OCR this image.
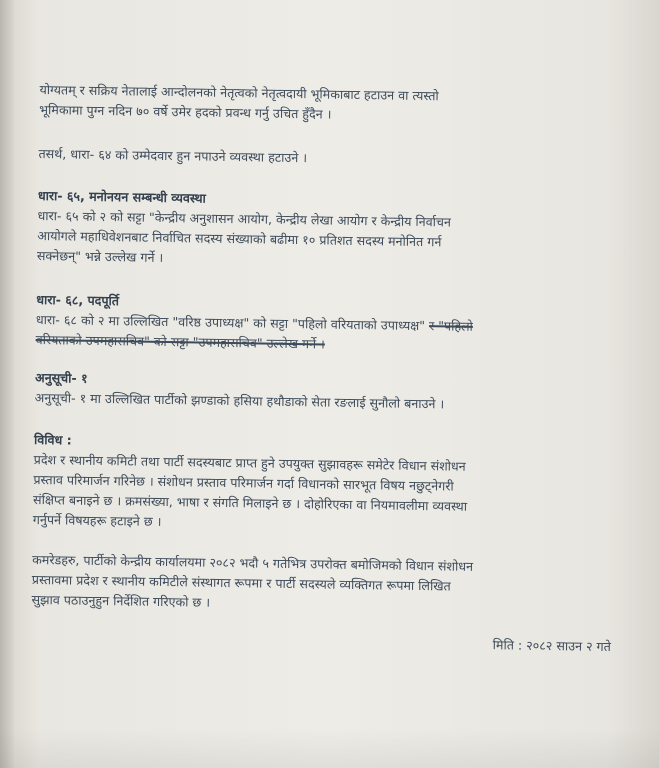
योग्यतम् र सक्रिय नेतालाई आन्दोलनको नेतृत्वको नेतृत्वदायी भूमिकाबाट हटाउन वा त्यस्तो

भूमिकामा पुग्न नदिन ७० वर्षे उमेर हदको प्रवन्ध गर्नु उचित हुँदैन ।

तसर्थ, धारा- ६४ को उम्मेदवार हुन नपाउने व्यवस्था हटाउने ।

धारा- ६५, मनोनयन सम्बन्धी व्यवस्था

धारा- ६५ को २ को सट्टा "केन्द्रीय अनुशासन आयोग, केन्द्रीय लेखा आयोग र केन्द्रीय निर्वाचन

आयोगले महाधिवेशनबाट निर्वाचित सदस्य संख्याको बढीमा १० प्रतिशत सदस्य मनोनित गर्न

सक्नेछन्" भन्ने उल्लेख गर्ने ।

धारा- ६८, पदपूर्ति

धारा- ६८ को २ मा उल्लिखित "वरिष्ठ उपाध्यक्ष" को सट्टा "पहिलो वरियताको उपाध्यक्ष" र "पहिलो

वरियताको उपमहासचिव" को सट्टा "उपमहासचिव" उल्लेख गर्ने ।

अनुसूची- १

अनुसूची- १ मा उल्लिखित पार्टीको झण्डाको हसिया हथौडाको सेता रङलाई सुनौलो बनाउने ।

विविध :

प्रदेश र स्थानीय कमिटी तथा पार्टी सदस्यबाट प्राप्त हुने उपयुक्त सुझावहरू समेटेर विधान संशोधन

प्रस्ताव परिमार्जन गरिनेछ । संशोधन प्रस्ताव परिमार्जन गर्दा विधानको सारभूत विषय नछुट्नेगरी

संक्षिप्त बनाइने छ । क्रमसंख्या, भाषा र संगति मिलाइने छ । दोहोरिएका वा नियमावलीमा व्यवस्था

गर्नुपर्ने विषयहरू हटाइने छ ।

कमरेडहरु, पार्टीको केन्द्रीय कार्यालयमा २०८२ भदौ ५ गतेभित्र उपरोक्त बमोजिमको विधान संशोधन

प्रस्तावमा प्रदेश र स्थानीय कमिटीले संस्थागत रूपमा र पार्टी सदस्यले व्यक्तिगत रूपमा लिखित

सुझाव पठाउनुहुन निर्देशित गरिएको छ ।

मिति : २०८२ साउन २ गते
